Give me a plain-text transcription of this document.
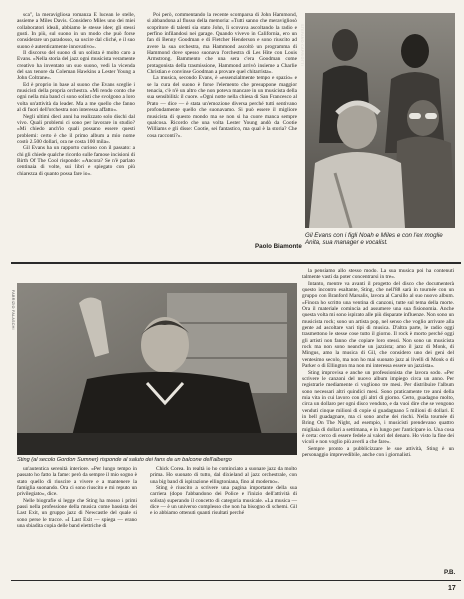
sca", la meravigliosa romanza E lucean le stelle, assieme a Miles Davis. Considero Miles uno dei miei collaboratori ideali, abbiamo le stesse idee; gli stessi gusti. In più, sul suono in un modo che può forse considerare un paradosso, sa uscire dal cliché, e il suo suono è autenticamente innovativo».

Il discorso del suono di un solista è molto caro a Evans. «Nella storia del jazz ogni musicista veramente creativo ha inventato un suo suono, vedi la vicenda del sax tenore da Coleman Hawkins a Lester Young a John Coltrane».

Ed è proprio in base al suono che Evans sceglie i musicisti della propria orchestra. «Mi rendo conto che ogni nella mia band ci sono solisti che svolgono a loro volta un'attività da leader. Ma a me quello che fanno al di fuori dell'orchestra non interessa affatto».

Negli ultimi dieci anni ha realizzato solo dischi dal vivo. Quali problemi ci sono per lavorare in studio? «Mi chiedo anch'io quali possano essere questi problemi: certo è che il primo album a mio nome costò 2.500 dollari, ora ne costa 100 mila».

Gil Evans ha un rapporto curioso con il passato: a chi gli chiede qualche ricordo sulle famose incisioni di Birth Of The Cool risponde: «Ancora? Se n'è parlato centinaia di volte, sui libri e spiegato con più chiarezza di quanto possa fare io».

Poi però, commentando la recente scomparsa di John Hammond, si abbandona al flusso della memoria: «Tutti sanno che meravigliosò scopritore di talenti sia stato John, lì scovava ascoltando la radio e perfino infilandosi nei garage. Quando vivevo in California, ero un fan di Benny Goodman e di Fletcher Henderson e sono riuscito ad avere la sua orchestra, ma Hammond ascoltò un programma di Hammond dove spesso suonava l'orchestra di Les Hite con Louis Armstrong. Bammento che una sera c'era Goodman come protagonista della trasmissione, Hammond arrivò insieme a Charlie Christian e convinse Goodman a provare quel chitarrista».

La musica, secondo Evans, è «essenzialmente tempo e spazio» e se la cura del suono è forse l'elemento che presuppone maggior tenacia, c'è n'è un altro che non poteva mancare in un musicista della sua sensibilità: il cuore. «Ogni notte nella chiesa di San Francesco al Prato — dice — è stata un'emozione diversa perché tutti sentivano profondamente quello che suonavamo. Si può essere il migliore musicista di questo mondo ma se non si ha cuore manca sempre qualcosa. Ricordo che una volta Lester Young andò da Cootie Williams e gli disse: Cootie, sei fantastico, ma qual è la storia? Che cosa racconti?».

Paolo Biamonte
STEFANO CAPRIOTTI
Gil Evans con i figli Noah e Miles e con l'ex moglie Anita, sua manager e vocalist.
FABRIZIO FALASCHI
Sting (al secolo Gordon Sumner) risponde al saluto dei fans da un balcone dell'albergo

la pensiamo allo stesso modo. La sua musica poi ha contenuti talmente vasti da poter concentrarsi in tre».

Intanto, mentre va avanti il progetto del disco che documenterà questo incontro esaltante, Sting, che nell'88 sarà in tournée con un gruppo con Branford Marsalis, lavora al Carsillo al suo nuovo album. «Finora ho scritto una ventina di canzoni, tutte sul tema della morte. Ora il materiale comincia ad assumere una sua fisionomia. Anche questa volta mi sono ispirato alle più disparate influenze. Non sono un musicista rock; sono un artista pop, nel senso che voglio arrivare alla gente ad ascoltare vari tipi di musica. D'altra parte, le radio oggi trasmettono le stesse cose tutto il giorno. Il rock è morto perché oggi gli artisti non fanno che copiare loro stessi. Non sono un musicista rock ma non sono neanche un jazzista; amo il jazz di Monk, di Mingus, amo la musica di Gil, che considero uno dei geni del ventesimo secolo, ma non ho mai suonato jazz ai livelli di Monk o di Parker o di Ellington ma non mi interessa essere un jazzista».

Sting improvisa e anche un professionista che lavora sodo. «Per scrivere le canzoni del nuovo album impiego circa un anno. Per registrarle mediamente ci vogliono tre mesi. Per distribuire l'album sono necessari altri quindici mesi. Sono praticamente tre anni della mia vita in cui lavoro con gli altri di giorno. Certo, guadagno molto, circa un dollaro per ogni disco venduto, e da vuoi dire che se vengono venduti cinque milioni di copie si guadagnano 5 milioni di dollari. E in bell guadagnare, ma ci sono anche dei rischi. Nella tournée di Bring On The Night, ad esempio, i musicisti prendevano quattro migliaia di dollari a settimana, e in lungo per l'anticipare io. Una cosa è certa: cerco di essere fedele ai valori del denaro. Ho visto la fine dei vicoli e non voglio più averli a che fare».

Sempre pronto a pubblicizzare le sue attività, Sting è un personaggio imprevedibile, anche con i giornalisti.

un'autentica serenità interiore. «Per lungo tempo in passato ho fatto la fame: però da sempre il mio sogno è stato quello di riuscire a vivere e a mantenere la famiglia suonando. Ora ci sono riuscito e mi reputo un privilegiato», dice.

Nelle biografie si legge che Sting ha mosso i primi passi nella professione della musica come bassista dei Last Exit, un gruppo jazz di Newcastle del quale si sono perse le tracce. «I Last Exit — spiega — erano una sbiadita copia delle band elettriche di

Chick Corea. In realtà io ho cominciato a suonare jazz da molto prima. Ho suonato di tutto, dal dixieland al jazz orchestrale, con una big band di ispirazione ellingtoniana, fino al moderno».

Sting è riuscito a scrivere una pagina importante della sua carriera (dopo l'abbandono dei Police e l'inizio dell'attività di solista) superando il concetto di categoria musicale. «La musica — dice — è un universo complesso che non ha bisogno di schemi. Gil e io abbiamo ottenuti quanti risultati perché

P.B.
17
